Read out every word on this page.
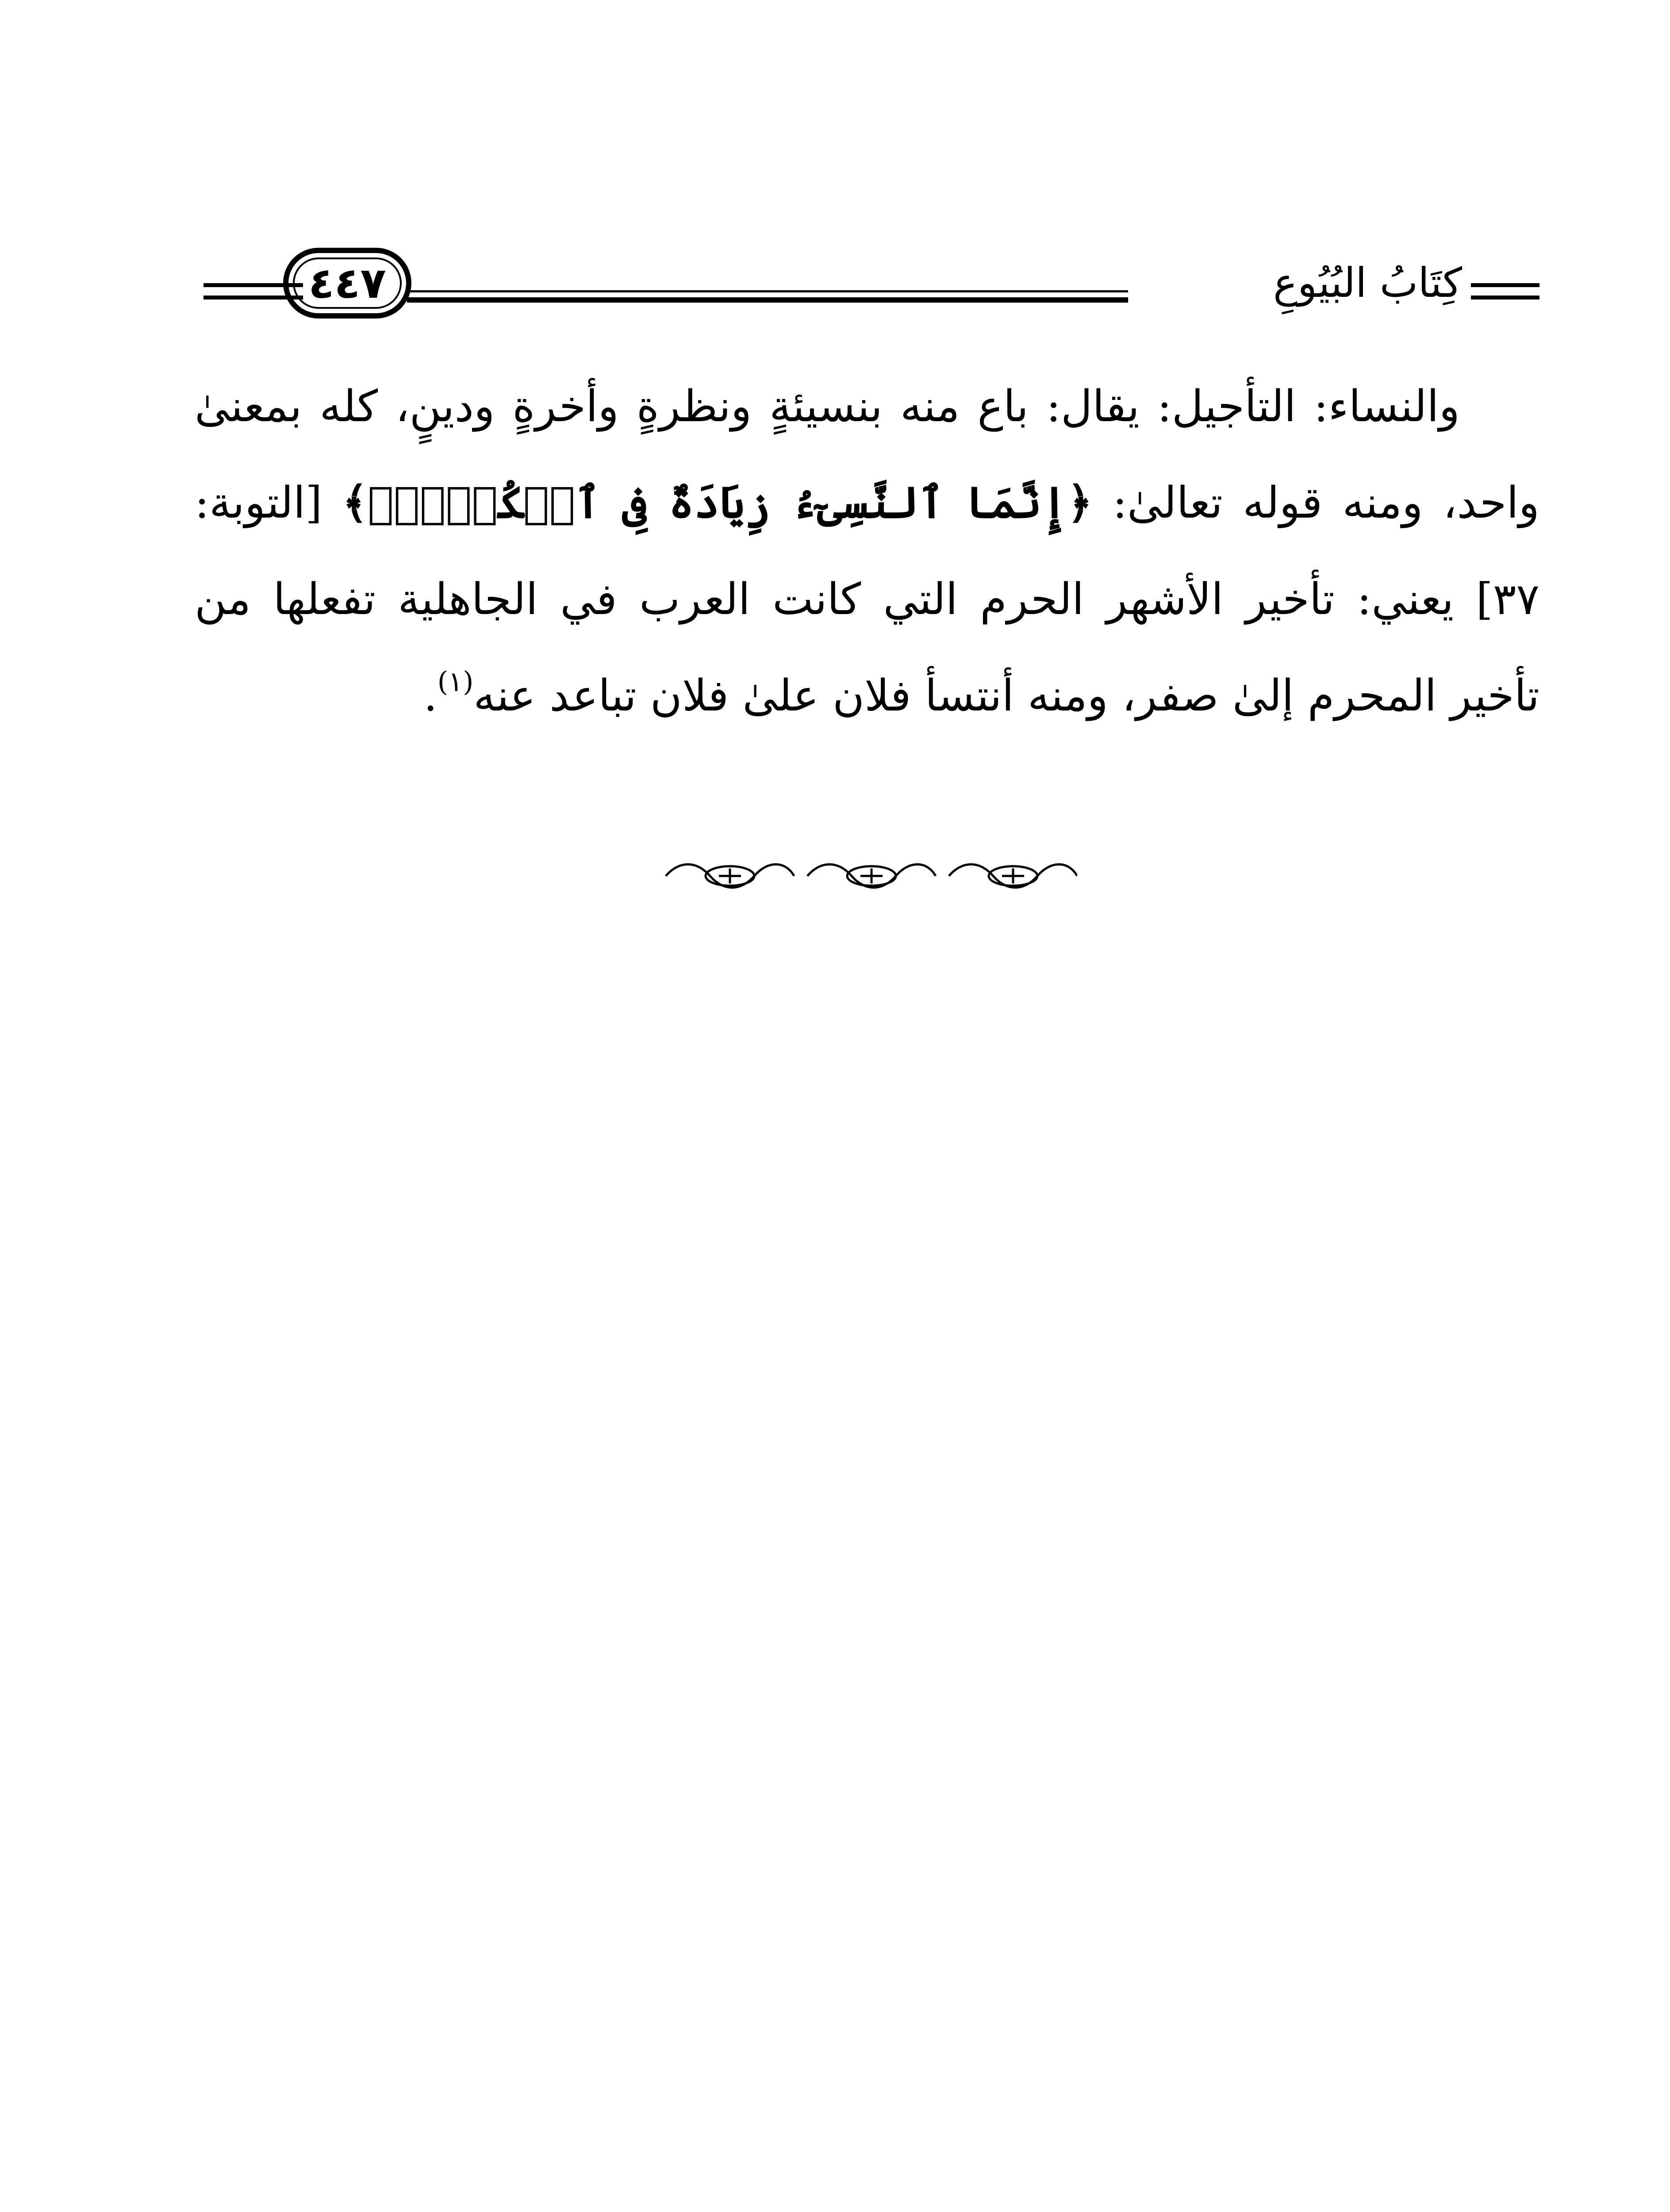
كِتَابُ البُيُوعِ
٤٤٧

والنساء: التأجيل: يقال: باع منه بنسيئةٍ ونظرةٍ وأخرةٍ ودينٍ، كله بمعنىٰ واحد، ومنه قوله تعالىٰ: ﴿إِنَّمَا ٱلنَّسِىٓءُ زِيَادَةٌ فِى ٱلۡكُفۡرِۖ﴾ [التوبة: ٣٧] يعني: تأخير الأشهر الحرم التي كانت العرب في الجاهلية تفعلها من تأخير المحرم إلىٰ صفر، ومنه أنتسأ فلان علىٰ فلان تباعد عنه$^{(١)}$.
